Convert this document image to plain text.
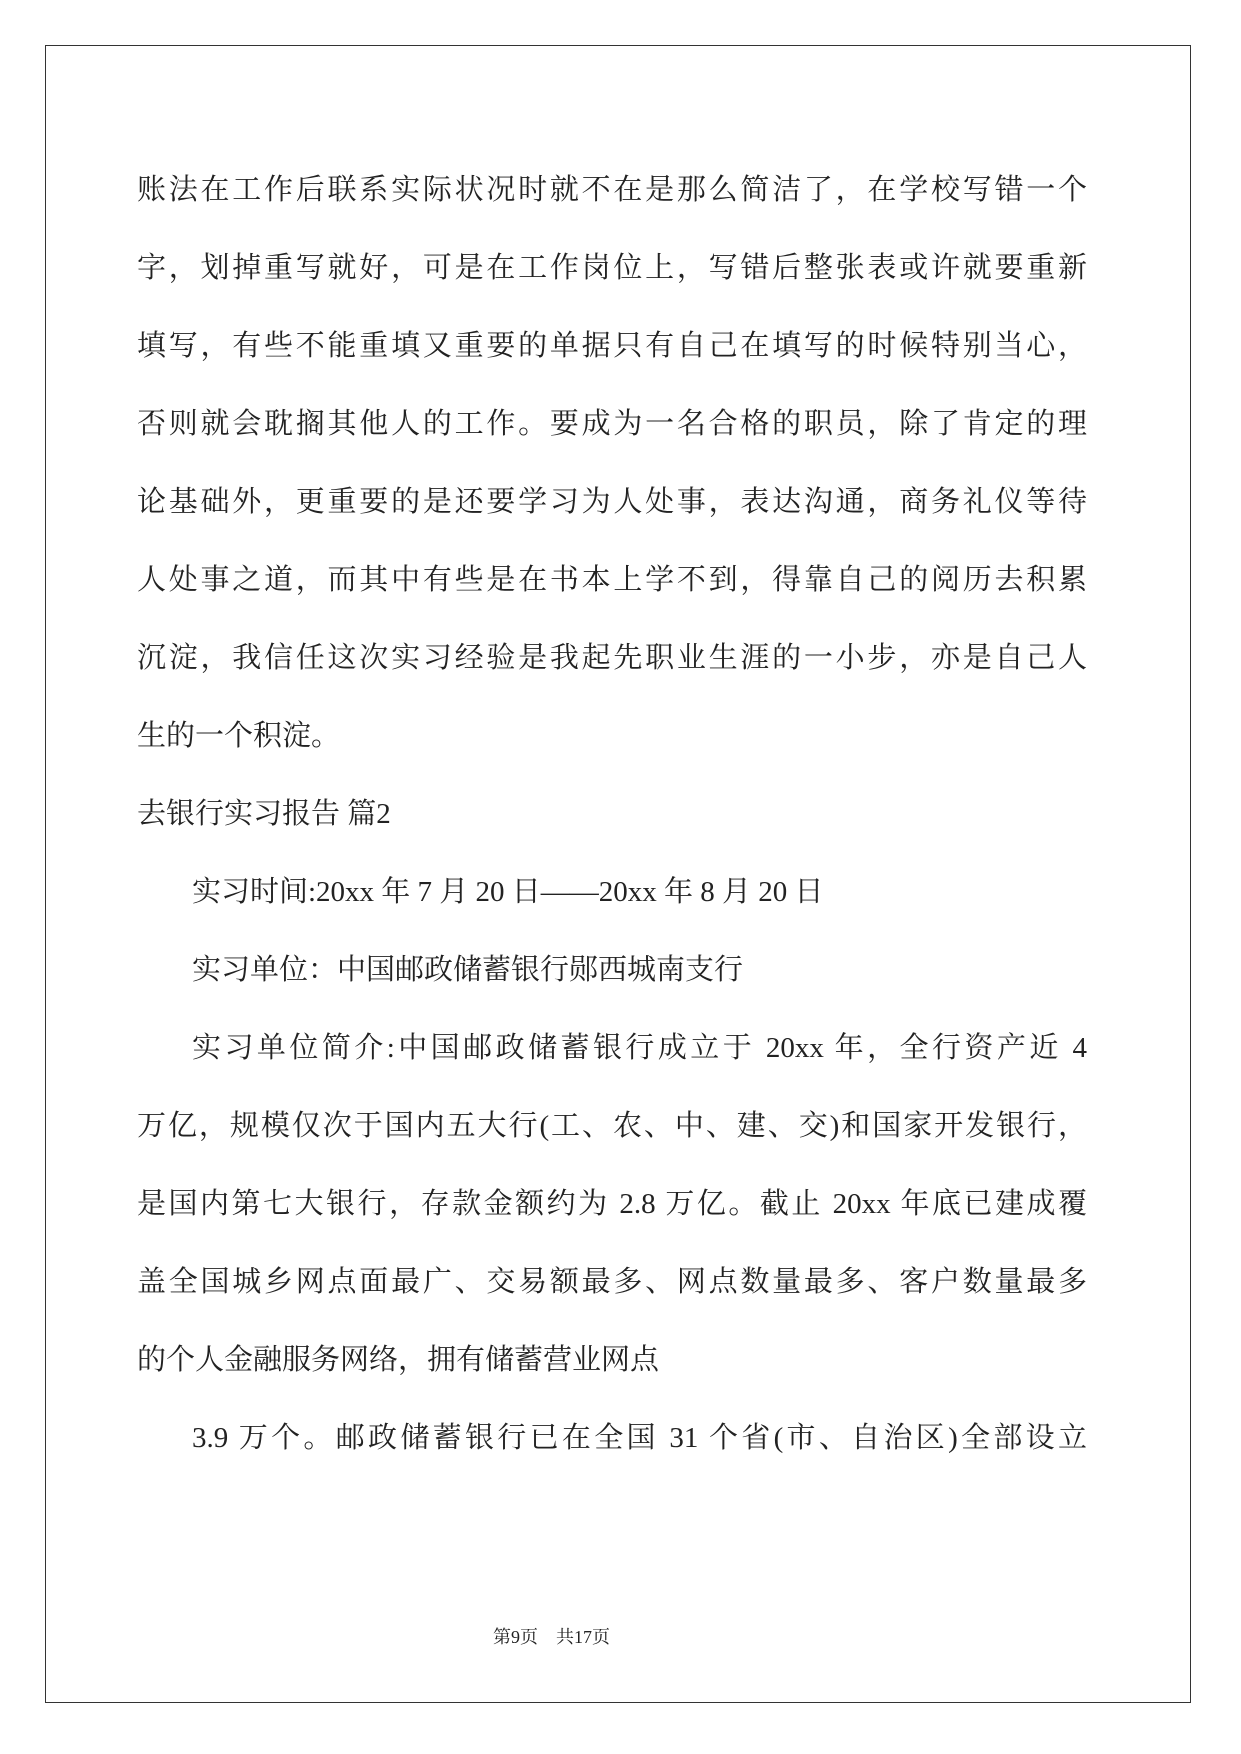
账法在工作后联系实际状况时就不在是那么简洁了，在学校写错一个
字，划掉重写就好，可是在工作岗位上，写错后整张表或许就要重新
填写，有些不能重填又重要的单据只有自己在填写的时候特别当心，
否则就会耽搁其他人的工作。要成为一名合格的职员，除了肯定的理
论基础外，更重要的是还要学习为人处事，表达沟通，商务礼仪等待
人处事之道，而其中有些是在书本上学不到，得靠自己的阅历去积累
沉淀，我信任这次实习经验是我起先职业生涯的一小步，亦是自己人
生的一个积淀。
去银行实习报告 篇2
实习时间:20xx 年 7 月 20 日——20xx 年 8 月 20 日
实习单位：中国邮政储蓄银行郧西城南支行
实习单位简介:中国邮政储蓄银行成立于 20xx 年，全行资产近 4
万亿，规模仅次于国内五大行(工、农、中、建、交)和国家开发银行，
是国内第七大银行，存款金额约为 2.8 万亿。截止 20xx 年底已建成覆
盖全国城乡网点面最广、交易额最多、网点数量最多、客户数量最多
的个人金融服务网络，拥有储蓄营业网点
3.9 万个。邮政储蓄银行已在全国 31 个省(市、自治区)全部设立
第9页 共17页
